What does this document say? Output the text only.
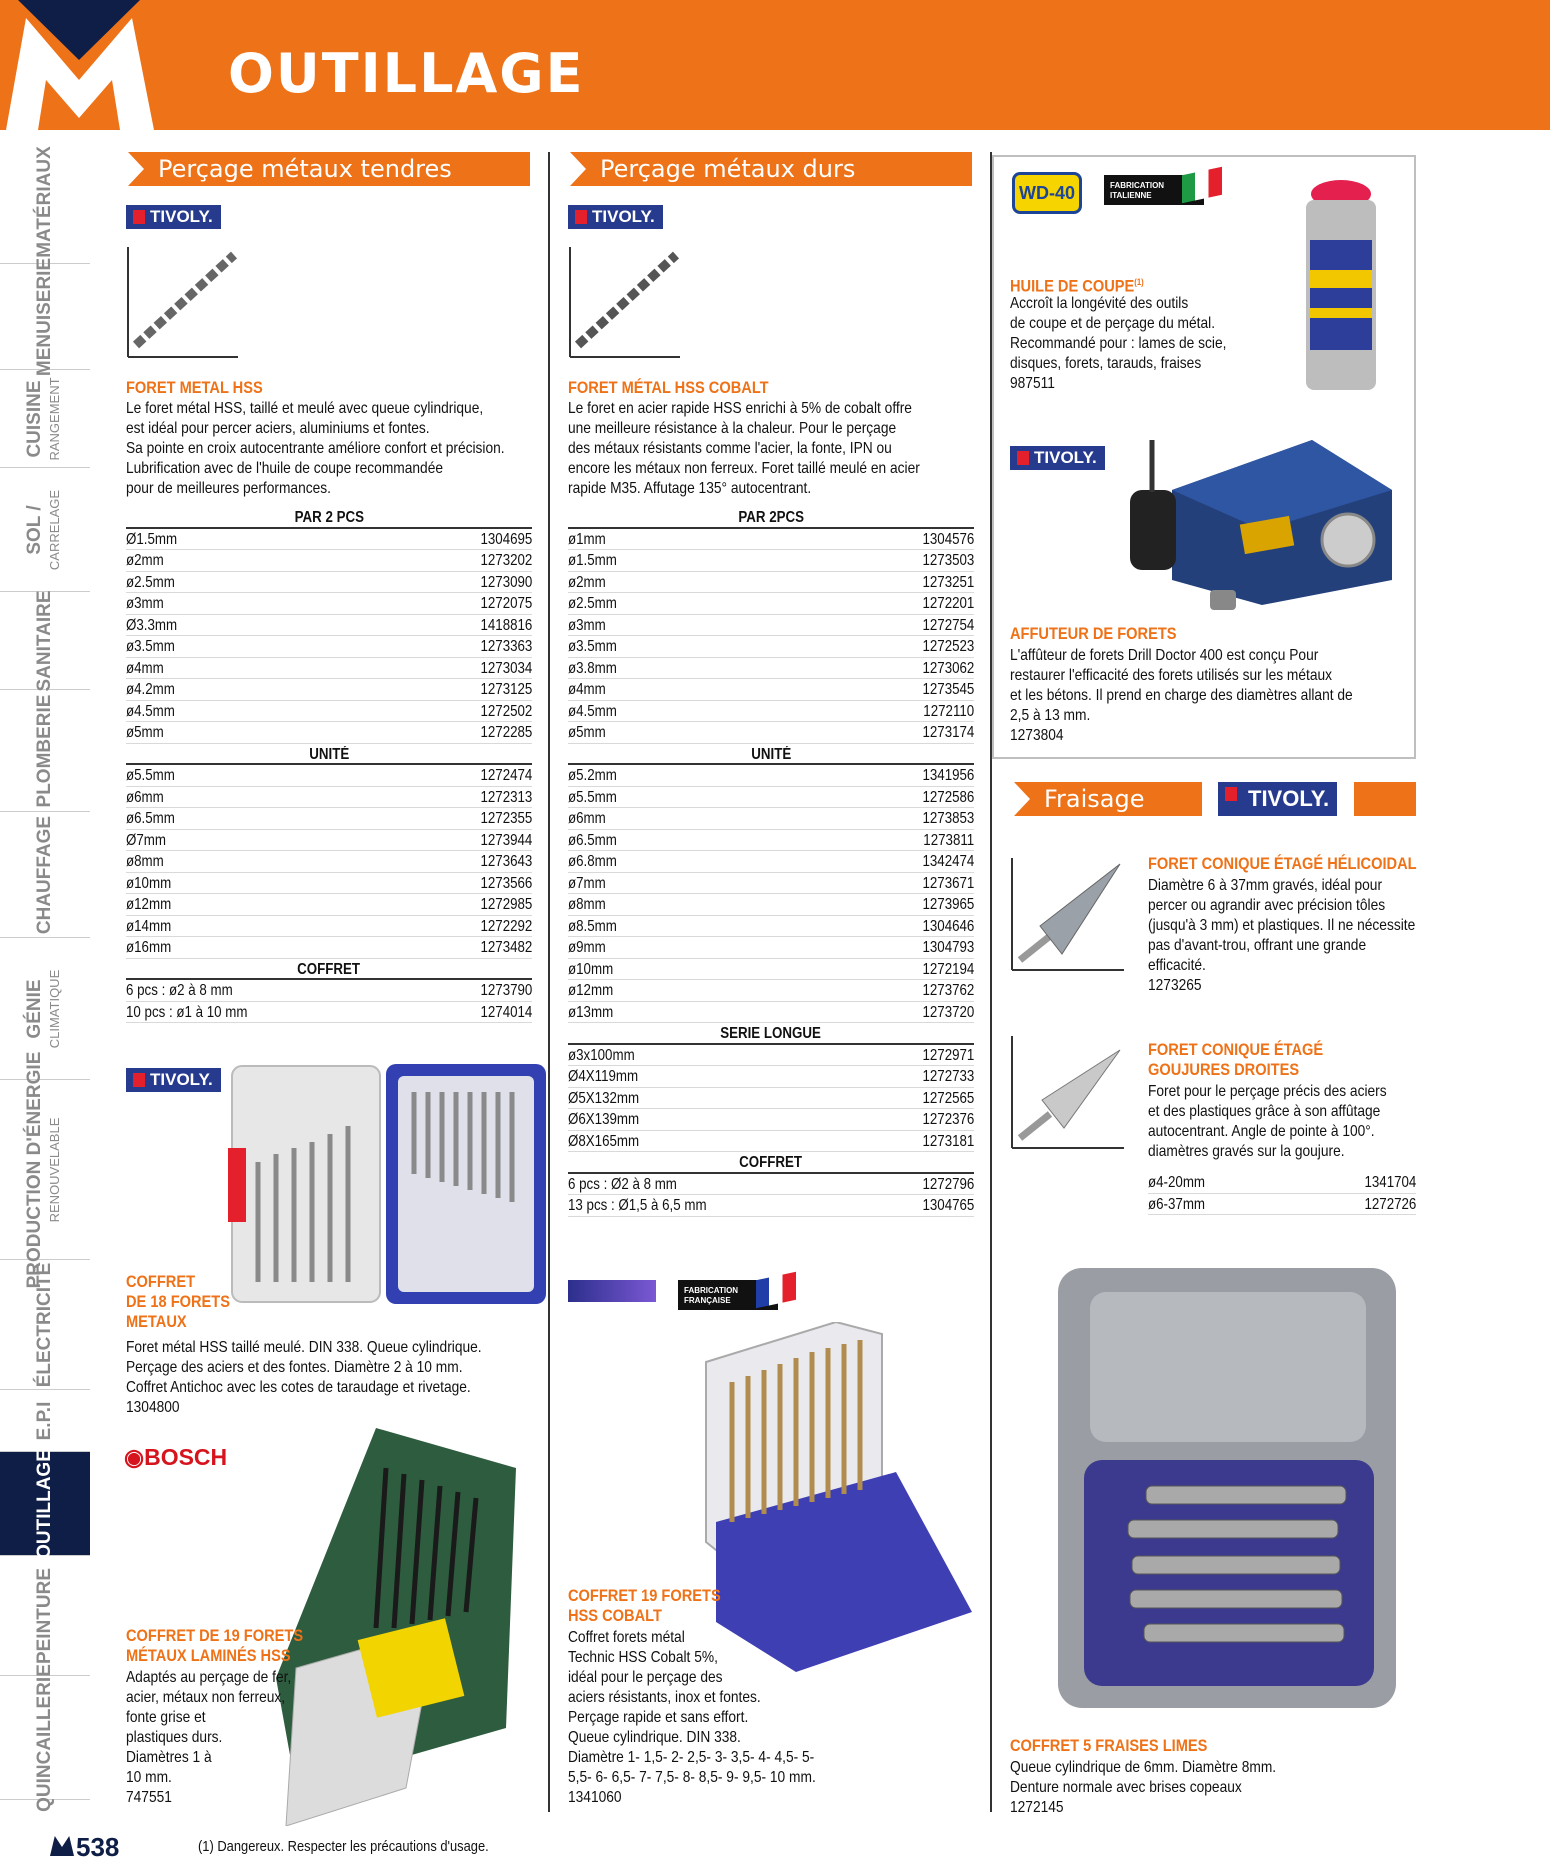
OUTILLAGE
MATÉRIAUX
MENUISERIE
CUISINE RANGEMENT
SOL / CARRELAGE
SANITAIRE
PLOMBERIE
CHAUFFAGE
GÉNIE CLIMATIQUE
PRODUCTION D'ÉNERGIE RENOUVELABLE
ÉLECTRICITÉ
E.P.I
OUTILLAGE
PEINTURE
QUINCAILLERIE
Perçage métaux tendres
TIVOLY.
FORET METAL HSS
Le foret métal HSS, taillé et meulé avec queue cylindrique,
est idéal pour percer aciers, aluminiums et fontes.
Sa pointe en croix autocentrante améliore confort et précision.
Lubrification avec de l'huile de coupe recommandée
pour de meilleures performances.
PAR 2 PCS
Ø1.5mm	1304695
ø2mm	1273202
ø2.5mm	1273090
ø3mm	1272075
Ø3.3mm	1418816
ø3.5mm	1273363
ø4mm	1273034
ø4.2mm	1273125
ø4.5mm	1272502
ø5mm	1272285
UNITÉ
ø5.5mm	1272474
ø6mm	1272313
ø6.5mm	1272355
Ø7mm	1273944
ø8mm	1273643
ø10mm	1273566
ø12mm	1272985
ø14mm	1272292
ø16mm	1273482
COFFRET
6 pcs : ø2 à 8 mm	1273790
10 pcs : ø1 à 10 mm	1274014
TIVOLY.
COFFRET
DE 18 FORETS
METAUX
Foret métal HSS taillé meulé. DIN 338. Queue cylindrique.
Perçage des aciers et des fontes. Diamètre 2 à 10 mm.
Coffret Antichoc avec les cotes de taraudage et rivetage.
1304800
◉BOSCH
COFFRET DE 19 FORETS
MÉTAUX LAMINÉS HSS
Adaptés au perçage de fer,
acier, métaux non ferreux,
fonte grise et
plastiques durs.
Diamètres 1 à
10 mm.
747551
Perçage métaux durs
TIVOLY.
FORET MÉTAL HSS COBALT
Le foret en acier rapide HSS enrichi à 5% de cobalt offre
une meilleure résistance à la chaleur. Pour le perçage
des métaux résistants comme l'acier, la fonte, IPN ou
encore les métaux non ferreux. Foret taillé meulé en acier
rapide M35. Affutage 135° autocentrant.
PAR 2PCS
ø1mm	1304576
ø1.5mm	1273503
ø2mm	1273251
ø2.5mm	1272201
ø3mm	1272754
ø3.5mm	1272523
ø3.8mm	1273062
ø4mm	1273545
ø4.5mm	1272110
ø5mm	1273174
UNITÉ
ø5.2mm	1341956
ø5.5mm	1272586
ø6mm	1273853
ø6.5mm	1273811
ø6.8mm	1342474
ø7mm	1273671
ø8mm	1273965
ø8.5mm	1304646
ø9mm	1304793
ø10mm	1272194
ø12mm	1273762
ø13mm	1273720
SERIE LONGUE
ø3x100mm	1272971
Ø4X119mm	1272733
Ø5X132mm	1272565
Ø6X139mm	1272376
Ø8X165mm	1273181
COFFRET
6 pcs : Ø2 à 8 mm	1272796
13 pcs : Ø1,5 à 6,5 mm	1304765
FABRICATION FRANÇAISE
COFFRET 19 FORETS
HSS COBALT
Coffret forets métal
Technic HSS Cobalt 5%,
idéal pour le perçage des
aciers résistants, inox et fontes.
Perçage rapide et sans effort.
Queue cylindrique. DIN 338.
Diamètre 1- 1,5- 2- 2,5- 3- 3,5- 4- 4,5- 5-
5,5- 6- 6,5- 7- 7,5- 8- 8,5- 9- 9,5- 10 mm.
1341060
WD-40	FABRICATION ITALIENNE
HUILE DE COUPE$^{(1)}$
Accroît la longévité des outils
de coupe et de perçage du métal.
Recommandé pour : lames de scie,
disques, forets, tarauds, fraises
987511
TIVOLY.
AFFUTEUR DE FORETS
L'affûteur de forets Drill Doctor 400 est conçu Pour
restaurer l'efficacité des forets utilisés sur les métaux
et les bétons. Il prend en charge des diamètres allant de
2,5 à 13 mm.
1273804
Fraisage	TIVOLY.
FORET CONIQUE ÉTAGÉ HÉLICOIDAL
Diamètre 6 à 37mm gravés, idéal pour
percer ou agrandir avec précision tôles
(jusqu'à 3 mm) et plastiques. Il ne nécessite
pas d'avant-trou, offrant une grande
efficacité.
1273265
FORET CONIQUE ÉTAGÉ
GOUJURES DROITES
Foret pour le perçage précis des aciers
et des plastiques grâce à son affûtage
autocentrant. Angle de pointe à 100°.
diamètres gravés sur la goujure.
ø4-20mm	1341704
ø6-37mm	1272726
COFFRET 5 FRAISES LIMES
Queue cylindrique de 6mm. Diamètre 8mm.
Denture normale avec brises copeaux
1272145
538	(1) Dangereux. Respecter les précautions d'usage.
